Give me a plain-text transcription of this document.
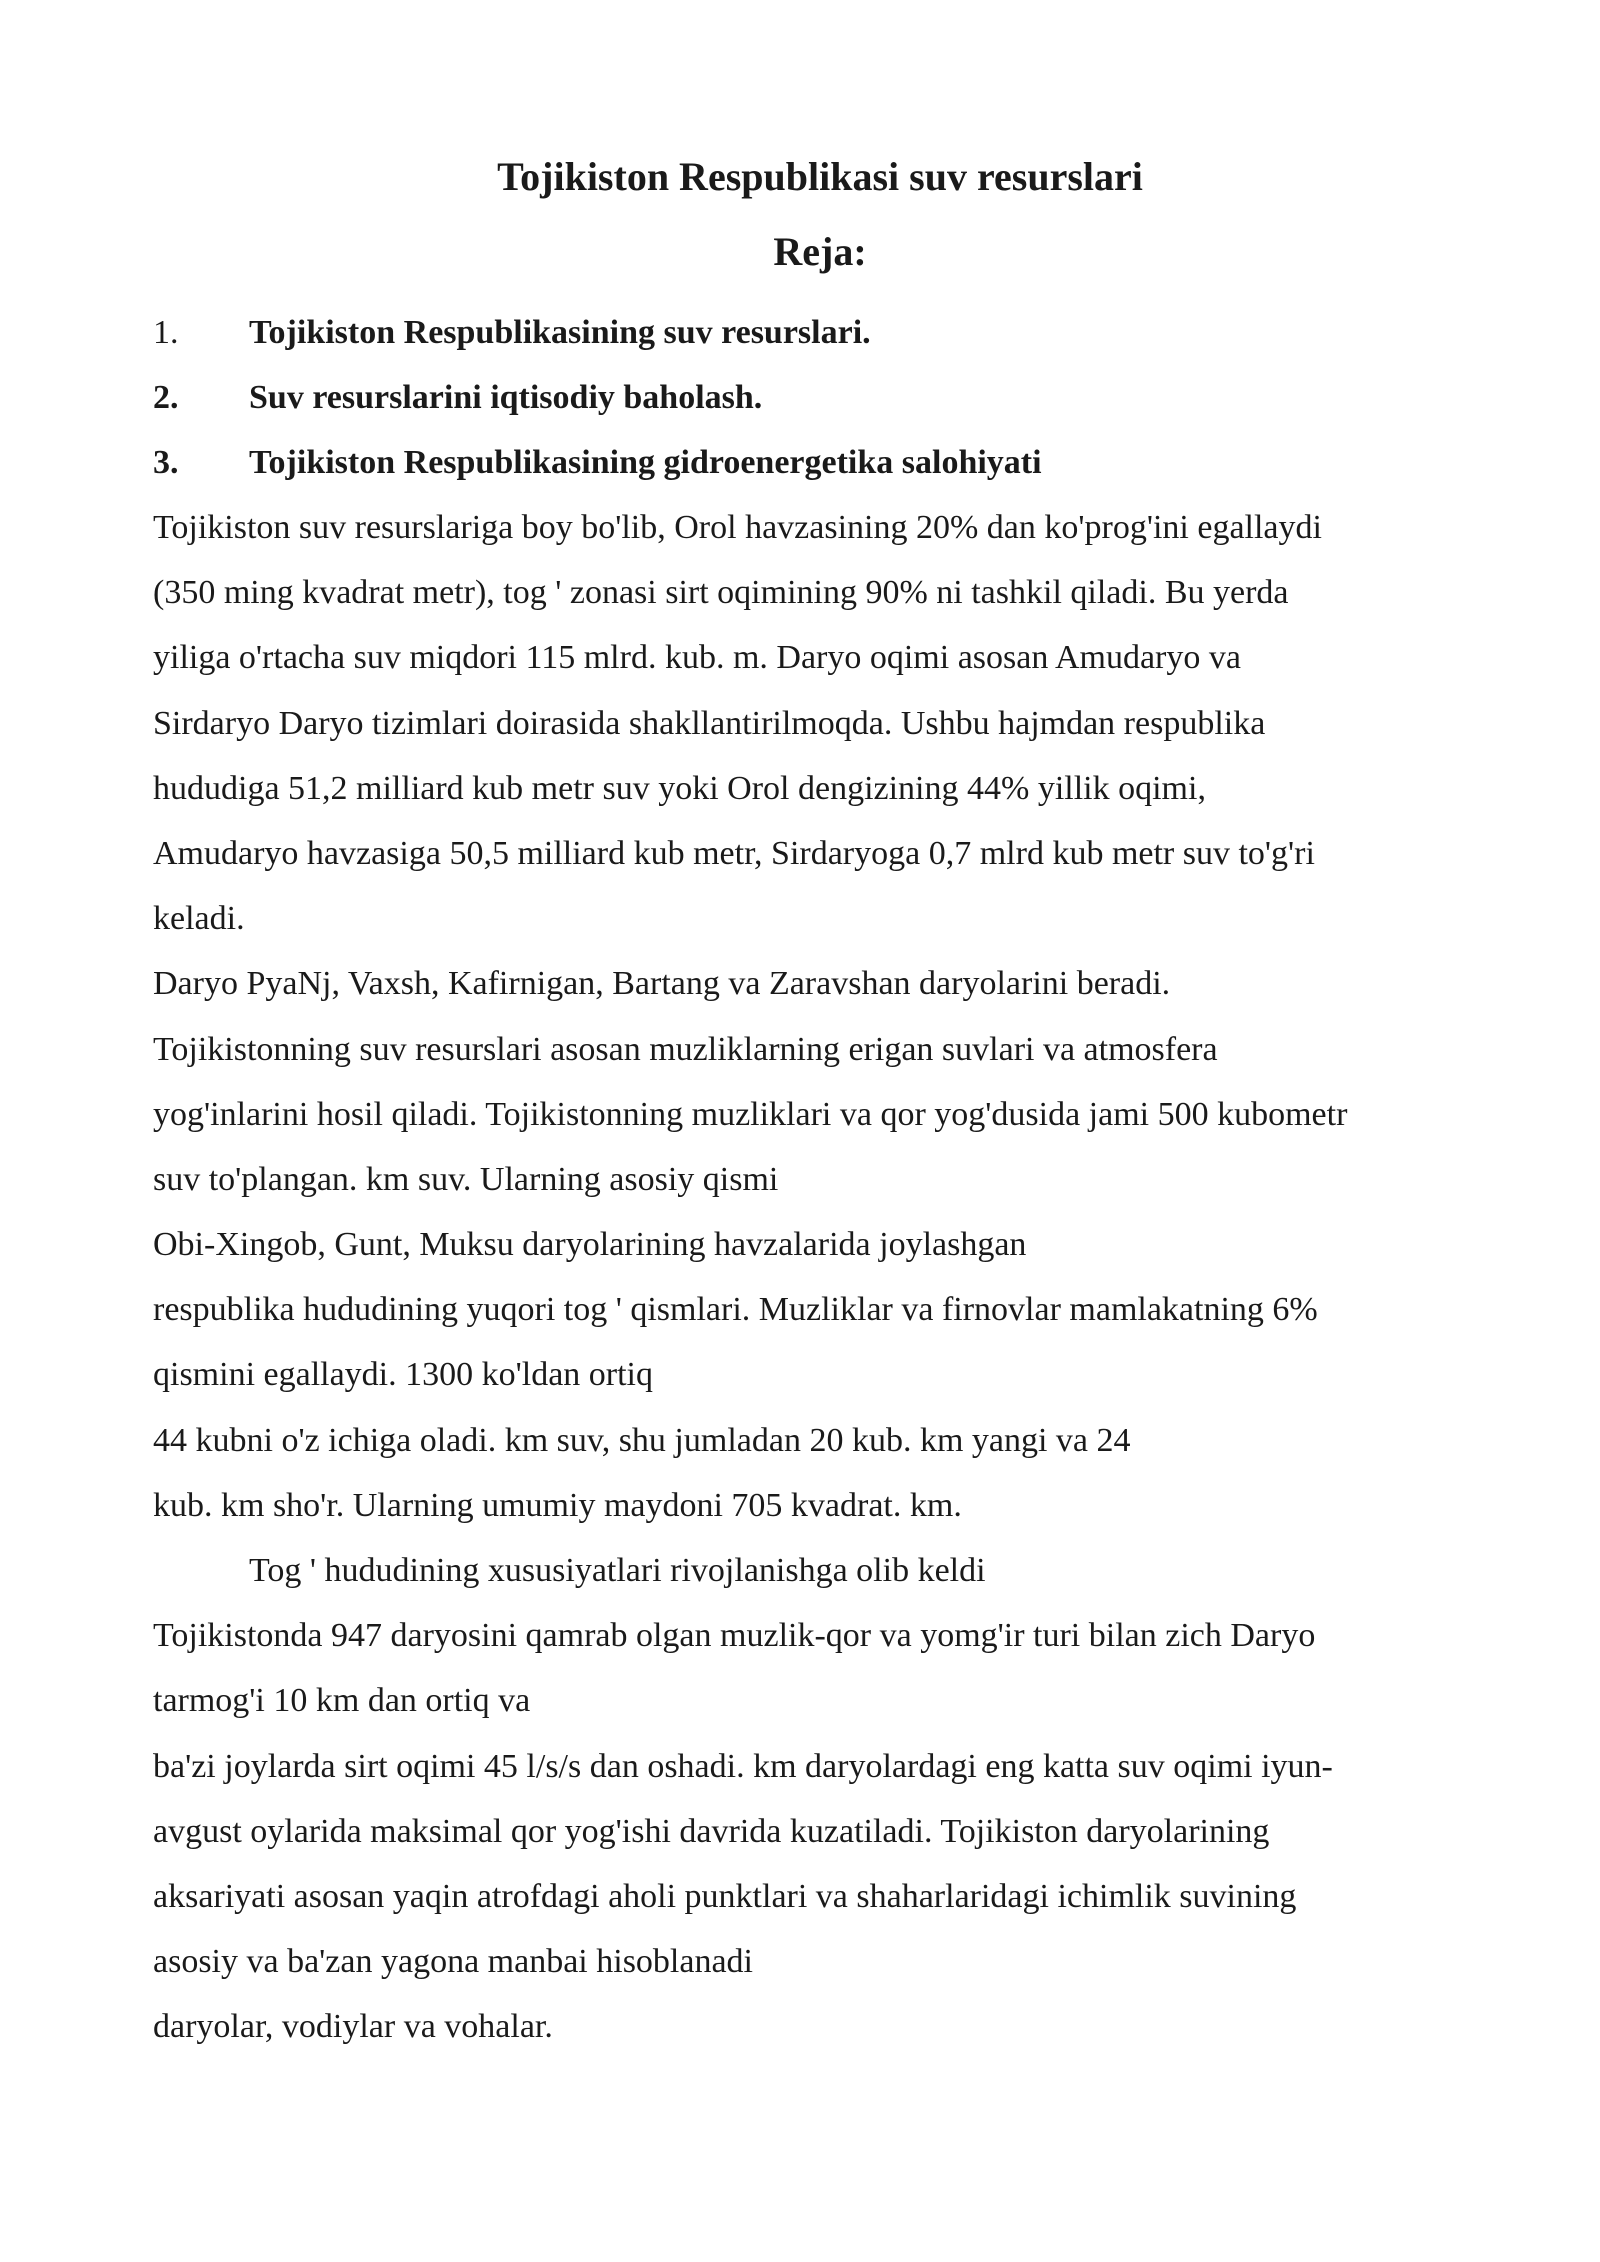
Tojikiston Respublikasi suv resurslari
Reja:
1.	Tojikiston Respublikasining suv resurslari.
2.	Suv resurslarini iqtisodiy baholash.
3.	Tojikiston Respublikasining gidroenergetika salohiyati
Tojikiston suv resurslariga boy bo'lib, Orol havzasining 20% dan ko'prog'ini egallaydi
(350 ming kvadrat metr), tog ' zonasi sirt oqimining 90% ni tashkil qiladi. Bu yerda
yiliga o'rtacha suv miqdori 115 mlrd. kub. m. Daryo oqimi asosan Amudaryo va
Sirdaryo Daryo tizimlari doirasida shakllantirilmoqda. Ushbu hajmdan respublika
hududiga 51,2 milliard kub metr suv yoki Orol dengizining 44% yillik oqimi,
Amudaryo havzasiga 50,5 milliard kub metr, Sirdaryoga 0,7 mlrd kub metr suv to'g'ri
keladi.
Daryo PyaNj, Vaxsh, Kafirnigan, Bartang va Zaravshan daryolarini beradi.
Tojikistonning suv resurslari asosan muzliklarning erigan suvlari va atmosfera
yog'inlarini hosil qiladi. Tojikistonning muzliklari va qor yog'dusida jami 500 kubometr
suv to'plangan. km suv. Ularning asosiy qismi
Obi-Xingob, Gunt, Muksu daryolarining havzalarida joylashgan
respublika hududining yuqori tog ' qismlari. Muzliklar va firnovlar mamlakatning 6%
qismini egallaydi. 1300 ko'ldan ortiq
44 kubni o'z ichiga oladi. km suv, shu jumladan 20 kub. km yangi va 24
kub. km sho'r. Ularning umumiy maydoni 705 kvadrat. km.
Tog ' hududining xususiyatlari rivojlanishga olib keldi
Tojikistonda 947 daryosini qamrab olgan muzlik-qor va yomg'ir turi bilan zich Daryo
tarmog'i 10 km dan ortiq va
ba'zi joylarda sirt oqimi 45 l/s/s dan oshadi. km daryolardagi eng katta suv oqimi iyun-
avgust oylarida maksimal qor yog'ishi davrida kuzatiladi. Tojikiston daryolarining
aksariyati asosan yaqin atrofdagi aholi punktlari va shaharlaridagi ichimlik suvining
asosiy va ba'zan yagona manbai hisoblanadi
daryolar, vodiylar va vohalar.
